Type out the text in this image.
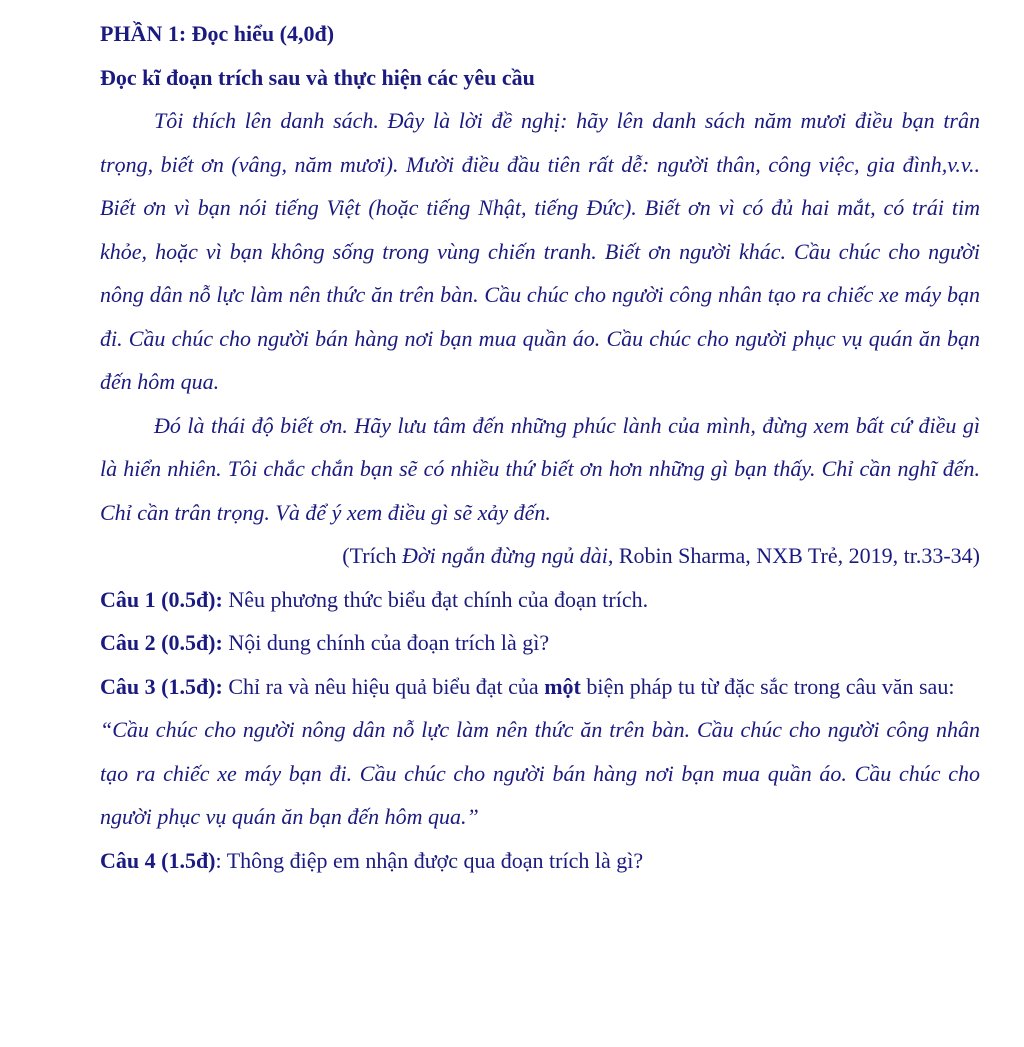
PHẦN 1: Đọc hiểu (4,0đ)

Đọc kĩ đoạn trích sau và thực hiện các yêu cầu

Tôi thích lên danh sách. Đây là lời đề nghị: hãy lên danh sách năm mươi điều bạn trân trọng, biết ơn (vâng, năm mươi). Mười điều đầu tiên rất dễ: người thân, công việc, gia đình,v.v.. Biết ơn vì bạn nói tiếng Việt (hoặc tiếng Nhật, tiếng Đức). Biết ơn vì có đủ hai mắt, có trái tim khỏe, hoặc vì bạn không sống trong vùng chiến tranh. Biết ơn người khác. Cầu chúc cho người nông dân nỗ lực làm nên thức ăn trên bàn. Cầu chúc cho người công nhân tạo ra chiếc xe máy bạn đi. Cầu chúc cho người bán hàng nơi bạn mua quần áo. Cầu chúc cho người phục vụ quán ăn bạn đến hôm qua.

Đó là thái độ biết ơn. Hãy lưu tâm đến những phúc lành của mình, đừng xem bất cứ điều gì là hiển nhiên. Tôi chắc chắn bạn sẽ có nhiều thứ biết ơn hơn những gì bạn thấy. Chỉ cần nghĩ đến. Chỉ cần trân trọng. Và để ý xem điều gì sẽ xảy đến.

(Trích Đời ngắn đừng ngủ dài, Robin Sharma, NXB Trẻ, 2019, tr.33-34)

Câu 1 (0.5đ): Nêu phương thức biểu đạt chính của đoạn trích.

Câu 2 (0.5đ): Nội dung chính của đoạn trích là gì?

Câu 3 (1.5đ): Chỉ ra và nêu hiệu quả biểu đạt của một biện pháp tu từ đặc sắc trong câu văn sau:

“Cầu chúc cho người nông dân nỗ lực làm nên thức ăn trên bàn. Cầu chúc cho người công nhân tạo ra chiếc xe máy bạn đi. Cầu chúc cho người bán hàng nơi bạn mua quần áo. Cầu chúc cho người phục vụ quán ăn bạn đến hôm qua.”

Câu 4 (1.5đ): Thông điệp em nhận được qua đoạn trích là gì?
